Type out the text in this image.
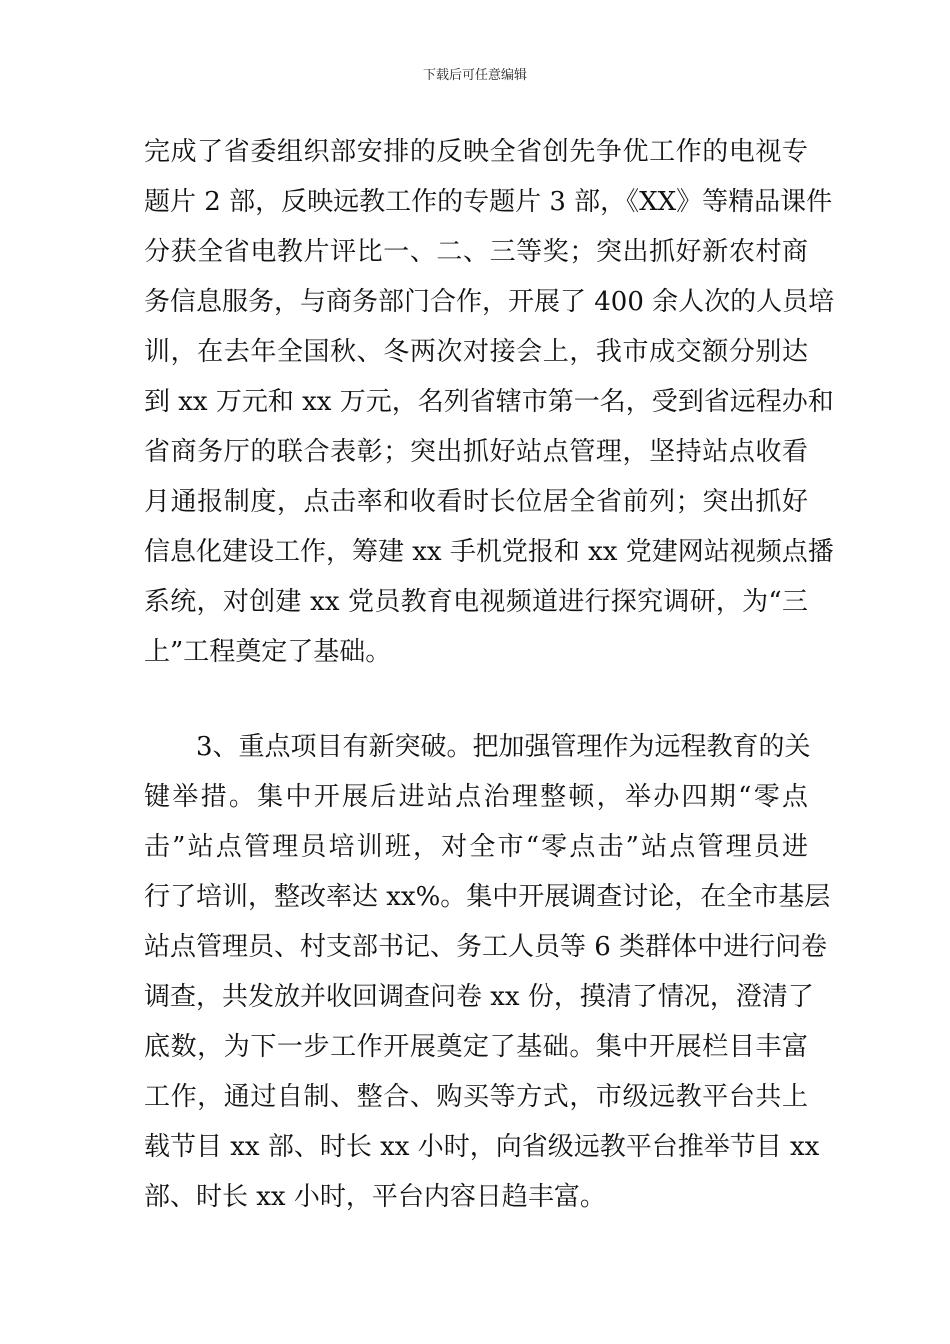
下载后可任意编辑
完成了省委组织部安排的反映全省创先争优工作的电视专
题片 2 部，反映远教工作的专题片 3 部，《XX》等精品课件
分获全省电教片评比一、二、三等奖；突出抓好新农村商
务信息服务，与商务部门合作，开展了 400 余人次的人员培
训，在去年全国秋、冬两次对接会上，我市成交额分别达
到 xx 万元和 xx 万元，名列省辖市第一名，受到省远程办和
省商务厅的联合表彰；突出抓好站点管理，坚持站点收看
月通报制度，点击率和收看时长位居全省前列；突出抓好
信息化建设工作，筹建 xx 手机党报和 xx 党建网站视频点播
系统，对创建 xx 党员教育电视频道进行探究调研，为“三
上”工程奠定了基础。
　　3、重点项目有新突破。把加强管理作为远程教育的关
键举措。集中开展后进站点治理整顿，举办四期“零点
击”站点管理员培训班，对全市“零点击”站点管理员进
行了培训，整改率达 xx%。集中开展调查讨论，在全市基层
站点管理员、村支部书记、务工人员等 6 类群体中进行问卷
调查，共发放并收回调查问卷 xx 份，摸清了情况，澄清了
底数，为下一步工作开展奠定了基础。集中开展栏目丰富
工作，通过自制、整合、购买等方式，市级远教平台共上
载节目 xx 部、时长 xx 小时，向省级远教平台推举节目 xx
部、时长 xx 小时，平台内容日趋丰富。
